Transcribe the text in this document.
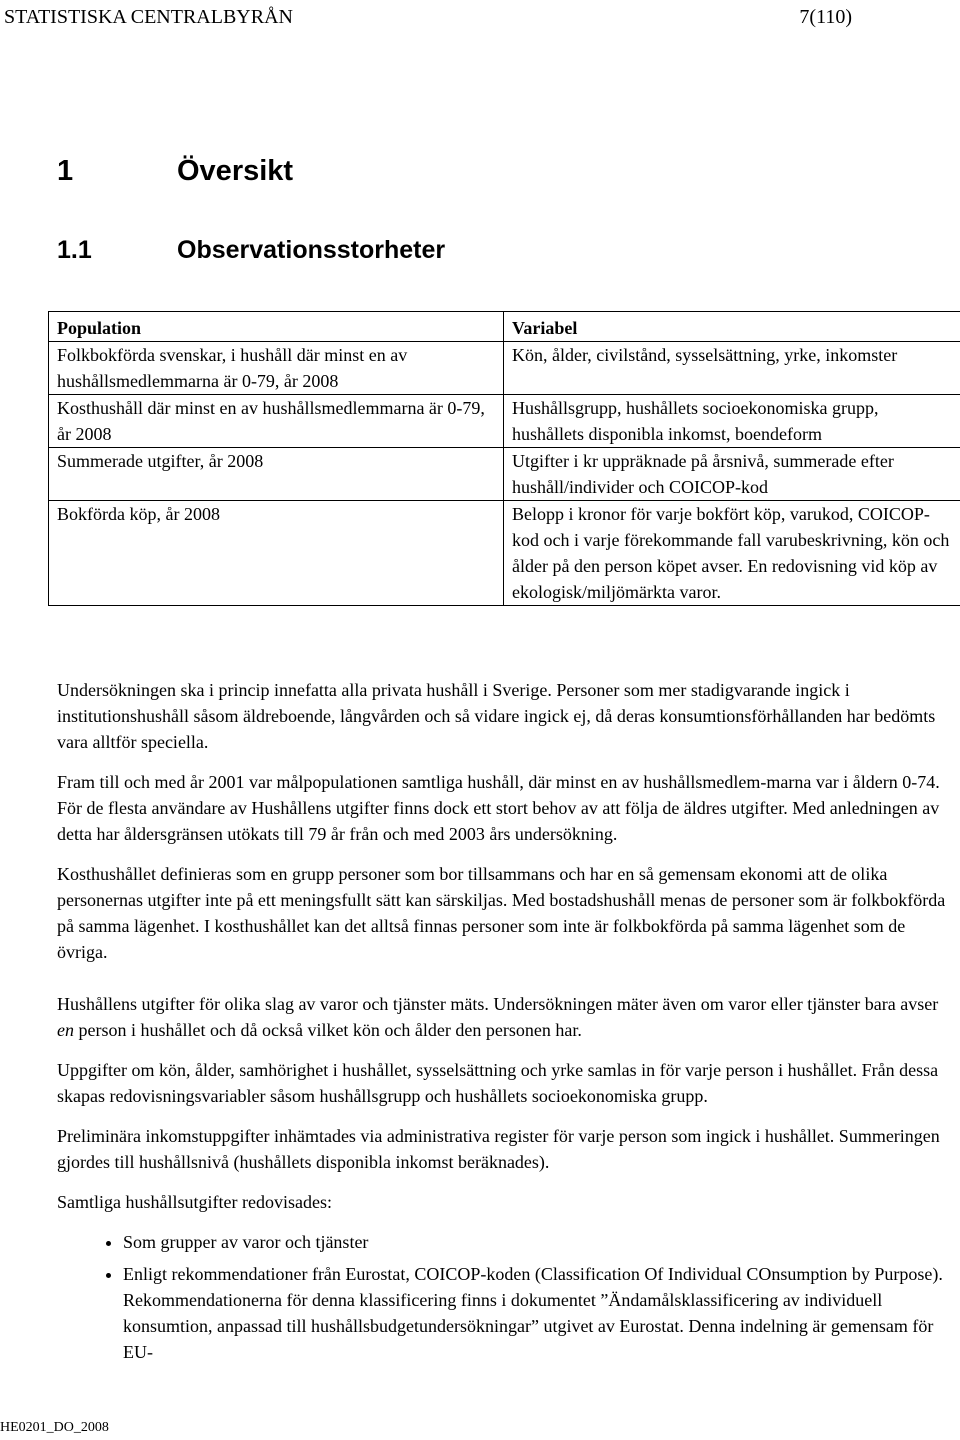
STATISTISKA CENTRALBYRÅN	7(110)
1	Översikt
1.1	Observationsstorheter
Population	Variabel
Folkbokförda svenskar, i hushåll där minst en av hushållsmedlemmarna är 0-79, år 2008	Kön, ålder, civilstånd, sysselsättning, yrke, inkomster
Kosthushåll där minst en av hushållsmedlemmarna är 0-79, år 2008	Hushållsgrupp, hushållets socioekonomiska grupp, hushållets disponibla inkomst, boendeform
Summerade utgifter, år 2008	Utgifter i kr uppräknade på årsnivå, summerade efter hushåll/individer och COICOP-kod
Bokförda köp, år 2008	Belopp i kronor för varje bokfört köp, varukod, COICOP-kod och i varje förekommande fall varubeskrivning, kön och ålder på den person köpet avser. En redovisning vid köp av ekologisk/miljömärkta varor.

Undersökningen ska i princip innefatta alla privata hushåll i Sverige. Personer som mer stadigvarande ingick i institutionshushåll såsom äldreboende, långvården och så vidare ingick ej, då deras konsumtionsförhållanden har bedömts vara alltför speciella.

Fram till och med år 2001 var målpopulationen samtliga hushåll, där minst en av hushållsmedlem-marna var i åldern 0-74. För de flesta användare av Hushållens utgifter finns dock ett stort behov av att följa de äldres utgifter. Med anledningen av detta har åldersgränsen utökats till 79 år från och med 2003 års undersökning.

Kosthushållet definieras som en grupp personer som bor tillsammans och har en så gemensam ekonomi att de olika personernas utgifter inte på ett meningsfullt sätt kan särskiljas. Med bostadshushåll menas de personer som är folkbokförda på samma lägenhet. I kosthushållet kan det alltså finnas personer som inte är folkbokförda på samma lägenhet som de övriga.

Hushållens utgifter för olika slag av varor och tjänster mäts. Undersökningen mäter även om varor eller tjänster bara avser en person i hushållet och då också vilket kön och ålder den personen har.

Uppgifter om kön, ålder, samhörighet i hushållet, sysselsättning och yrke samlas in för varje person i hushållet. Från dessa skapas redovisningsvariabler såsom hushållsgrupp och hushållets socioekonomiska grupp.

Preliminära inkomstuppgifter inhämtades via administrativa register för varje person som ingick i hushållet. Summeringen gjordes till hushållsnivå (hushållets disponibla inkomst beräknades).

Samtliga hushållsutgifter redovisades:

• Som grupper av varor och tjänster
• Enligt rekommendationer från Eurostat, COICOP-koden (Classification Of Individual COnsumption by Purpose). Rekommendationerna för denna klassificering finns i dokumentet ”Ändamålsklassificering av individuell konsumtion, anpassad till hushållsbudgetundersökningar” utgivet av Eurostat. Denna indelning är gemensam för EU-
HE0201_DO_2008
